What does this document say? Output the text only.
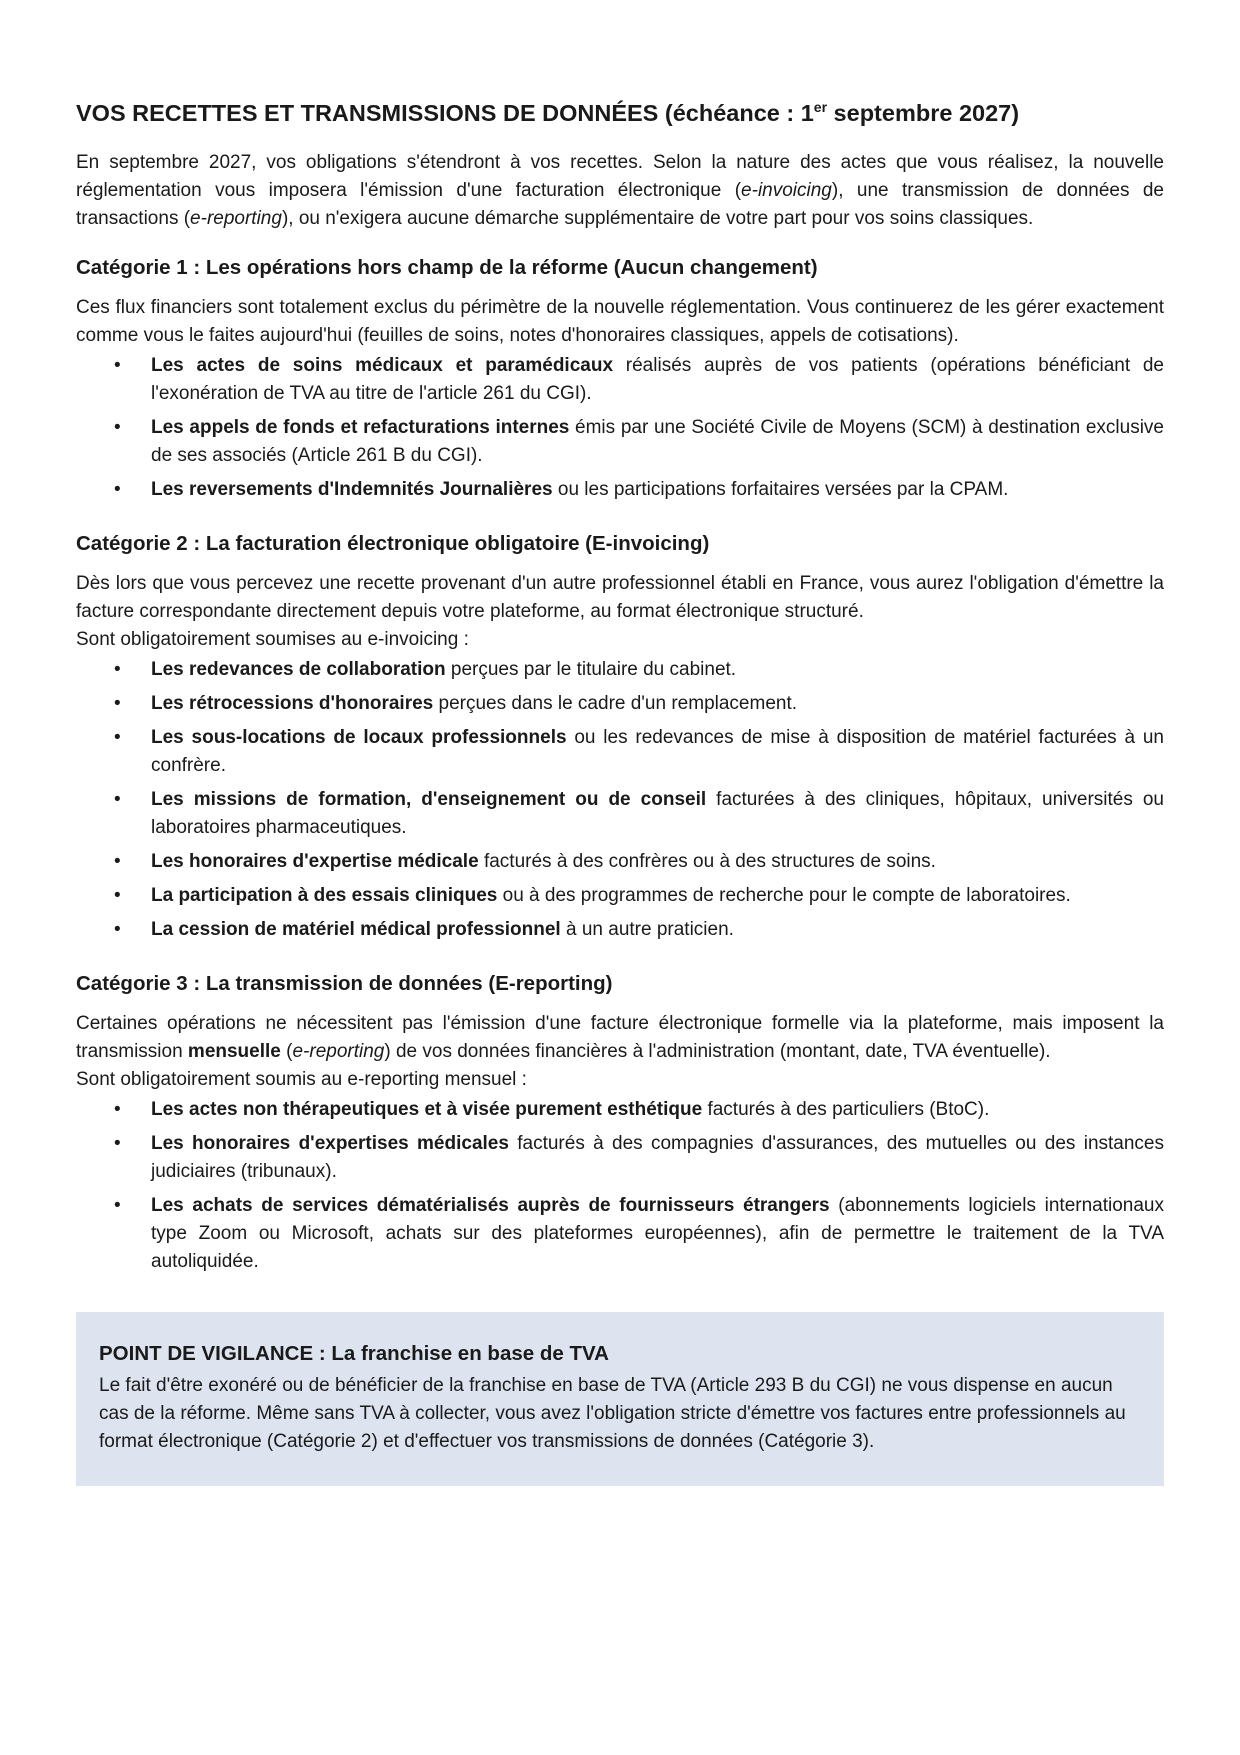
VOS RECETTES ET TRANSMISSIONS DE DONNÉES (échéance : 1er septembre 2027)

En septembre 2027, vos obligations s'étendront à vos recettes. Selon la nature des actes que vous réalisez, la nouvelle réglementation vous imposera l'émission d'une facturation électronique (e-invoicing), une transmission de données de transactions (e-reporting), ou n'exigera aucune démarche supplémentaire de votre part pour vos soins classiques.

Catégorie 1 : Les opérations hors champ de la réforme (Aucun changement)

Ces flux financiers sont totalement exclus du périmètre de la nouvelle réglementation. Vous continuerez de les gérer exactement comme vous le faites aujourd'hui (feuilles de soins, notes d'honoraires classiques, appels de cotisations).

• Les actes de soins médicaux et paramédicaux réalisés auprès de vos patients (opérations bénéficiant de l'exonération de TVA au titre de l'article 261 du CGI).
• Les appels de fonds et refacturations internes émis par une Société Civile de Moyens (SCM) à destination exclusive de ses associés (Article 261 B du CGI).
• Les reversements d'Indemnités Journalières ou les participations forfaitaires versées par la CPAM.
Catégorie 2 : La facturation électronique obligatoire (E-invoicing)

Dès lors que vous percevez une recette provenant d'un autre professionnel établi en France, vous aurez l'obligation d'émettre la facture correspondante directement depuis votre plateforme, au format électronique structuré.

Sont obligatoirement soumises au e-invoicing :

• Les redevances de collaboration perçues par le titulaire du cabinet.
• Les rétrocessions d'honoraires perçues dans le cadre d'un remplacement.
• Les sous-locations de locaux professionnels ou les redevances de mise à disposition de matériel facturées à un confrère.
• Les missions de formation, d'enseignement ou de conseil facturées à des cliniques, hôpitaux, universités ou laboratoires pharmaceutiques.
• Les honoraires d'expertise médicale facturés à des confrères ou à des structures de soins.
• La participation à des essais cliniques ou à des programmes de recherche pour le compte de laboratoires.
• La cession de matériel médical professionnel à un autre praticien.
Catégorie 3 : La transmission de données (E-reporting)

Certaines opérations ne nécessitent pas l'émission d'une facture électronique formelle via la plateforme, mais imposent la transmission mensuelle (e-reporting) de vos données financières à l'administration (montant, date, TVA éventuelle).

Sont obligatoirement soumis au e-reporting mensuel :

• Les actes non thérapeutiques et à visée purement esthétique facturés à des particuliers (BtoC).
• Les honoraires d'expertises médicales facturés à des compagnies d'assurances, des mutuelles ou des instances judiciaires (tribunaux).
• Les achats de services dématérialisés auprès de fournisseurs étrangers (abonnements logiciels internationaux type Zoom ou Microsoft, achats sur des plateformes européennes), afin de permettre le traitement de la TVA autoliquidée.
POINT DE VIGILANCE : La franchise en base de TVA

Le fait d'être exonéré ou de bénéficier de la franchise en base de TVA (Article 293 B du CGI) ne vous dispense en aucun cas de la réforme. Même sans TVA à collecter, vous avez l'obligation stricte d'émettre vos factures entre professionnels au format électronique (Catégorie 2) et d'effectuer vos transmissions de données (Catégorie 3).
